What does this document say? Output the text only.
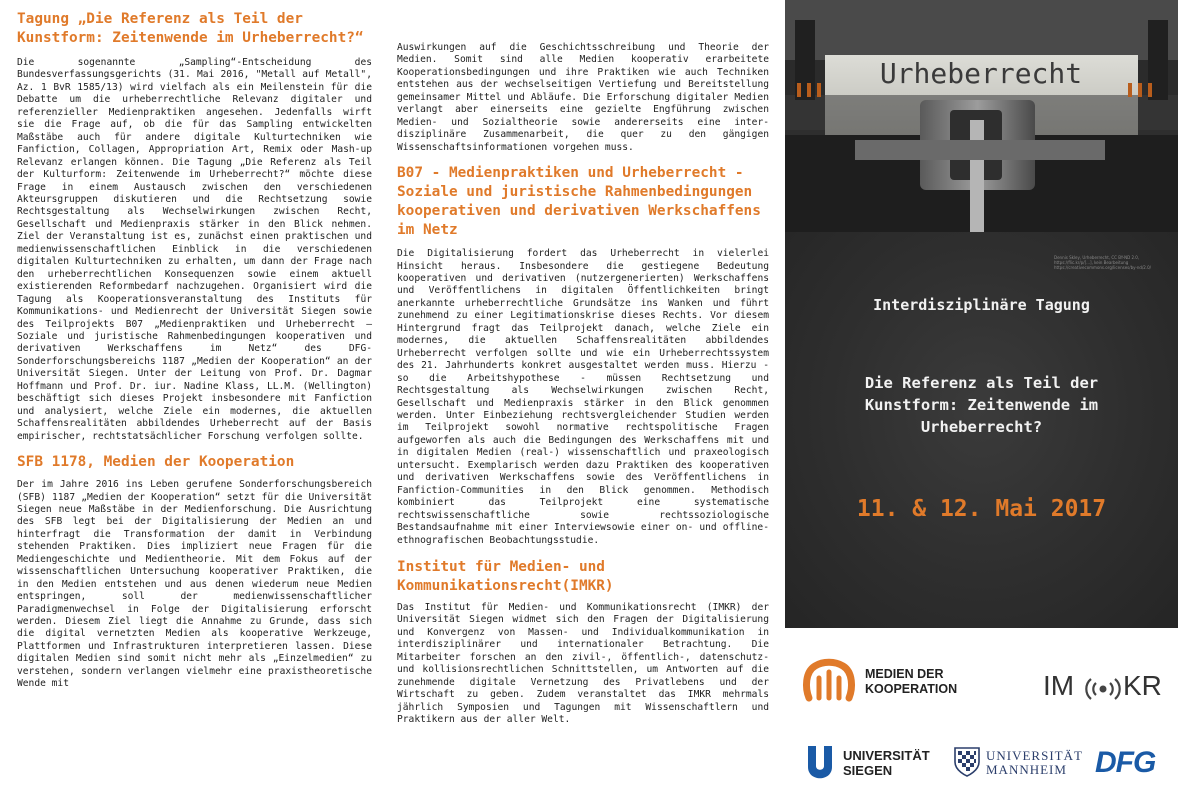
Tagung „Die Referenz als Teil der Kunstform: Zeitenwende im Urheberrecht?“

Die sogenannte „Sampling“-Entscheidung des Bundesverfassungsgerichts (31. Mai 2016, "Metall auf Metall", Az. 1 BvR 1585/13) wird vielfach als ein Meilenstein für die Debatte um die urheberrechtliche Relevanz digitaler und referenzieller Medienpraktiken angesehen. Jedenfalls wirft sie die Frage auf, ob die für das Sampling entwickelten Maßstäbe auch für andere digitale Kulturtechniken wie Fanfiction, Collagen, Appropriation Art, Remix oder Mash-up Relevanz erlangen können. Die Tagung „Die Referenz als Teil der Kulturform: Zeitenwende im Urheberrecht?“ möchte diese Frage in einem Austausch zwischen den verschiedenen Akteursgruppen diskutieren und die Rechtsetzung sowie Rechtsgestaltung als Wechselwirkungen zwischen Recht, Gesellschaft und Medienpraxis stärker in den Blick nehmen. Ziel der Veranstaltung ist es, zunächst einen praktischen und medienwissenschaftlichen Einblick in die verschiedenen digitalen Kulturtechniken zu erhalten, um dann der Frage nach den urheberrechtlichen Konsequenzen sowie einem aktuell existierenden Reformbedarf nachzugehen. Organisiert wird die Tagung als Kooperationsveranstaltung des Instituts für Kommunikations- und Medienrecht der Universität Siegen sowie des Teilprojekts B07 „Medienpraktiken und Urheberrecht – Soziale und juristische Rahmenbedingungen kooperativen und derivativen Werkschaffens im Netz“ des DFG-Sonderforschungsbereichs 1187 „Medien der Kooperation“ an der Universität Siegen. Unter der Leitung von Prof. Dr. Dagmar Hoffmann und Prof. Dr. iur. Nadine Klass, LL.M. (Wellington) beschäftigt sich dieses Projekt insbesondere mit Fanfiction und analysiert, welche Ziele ein modernes, die aktuellen Schaffensrealitäten abbildendes Urheberrecht auf der Basis empirischer, rechtstatsächlicher Forschung verfolgen sollte.

SFB 1178, Medien der Kooperation

Der im Jahre 2016 ins Leben gerufene Sonderforschungsbereich (SFB) 1187 „Medien der Kooperation“ setzt für die Universität Siegen neue Maßstäbe in der Medienforschung. Die Ausrichtung des SFB legt bei der Digitalisierung der Medien an und hinterfragt die Transformation der damit in Verbindung stehenden Praktiken. Dies impliziert neue Fragen für die Mediengeschichte und Medientheorie. Mit dem Fokus auf der wissenschaftlichen Untersuchung kooperativer Praktiken, die in den Medien entstehen und aus denen wiederum neue Medien entspringen, soll der medienwissenschaftlicher Paradigmenwechsel in Folge der Digitalisierung erforscht werden. Diesem Ziel liegt die Annahme zu Grunde, dass sich die digital vernetzten Medien als kooperative Werkzeuge, Plattformen und Infrastrukturen interpretieren lassen. Diese digitalen Medien sind somit nicht mehr als „Einzelmedien“ zu verstehen, sondern verlangen vielmehr eine praxistheoretische Wende mit

Auswirkungen auf die Geschichtsschreibung und Theorie der Medien. Somit sind alle Medien kooperativ erarbeitete Kooperationsbedingungen und ihre Praktiken wie auch Techniken entstehen aus der wechselseitigen Vertiefung und Bereitstellung gemeinsamer Mittel und Abläufe. Die Erforschung digitaler Medien verlangt aber einerseits eine gezielte Engführung zwischen Medien- und Sozialtheorie sowie andererseits eine inter- disziplinäre Zusammenarbeit, die quer zu den gängigen Wissenschaftsinformationen vorgehen muss.

B07 - Medienpraktiken und Urheberrecht - Soziale und juristische Rahmenbedingungen kooperativen und derivativen Werkschaffens im Netz

Die Digitalisierung fordert das Urheberrecht in vielerlei Hinsicht heraus. Insbesondere die gestiegene Bedeutung kooperativen und derivativen (nutzergenerierten) Werkschaffens und Veröffentlichens in digitalen Öffentlichkeiten bringt anerkannte urheberrechtliche Grundsätze ins Wanken und führt zunehmend zu einer Legitimationskrise dieses Rechts. Vor diesem Hintergrund fragt das Teilprojekt danach, welche Ziele ein modernes, die aktuellen Schaffensrealitäten abbildendes Urheberrecht verfolgen sollte und wie ein Urheberrechtssystem des 21. Jahrhunderts konkret ausgestaltet werden muss. Hierzu - so die Arbeitshypothese - müssen Rechtsetzung und Rechtsgestaltung als Wechselwirkungen zwischen Recht, Gesellschaft und Medienpraxis stärker in den Blick genommen werden. Unter Einbeziehung rechtsvergleichender Studien werden im Teilprojekt sowohl normative rechtspolitische Fragen aufgeworfen als auch die Bedingungen des Werkschaffens mit und in digitalen Medien (real-) wissenschaftlich und praxeologisch untersucht. Exemplarisch werden dazu Praktiken des kooperativen und derivativen Werkschaffens sowie des Veröffentlichens in Fanfiction-Communities in den Blick genommen. Methodisch kombiniert das Teilprojekt eine systematische rechtswissenschaftliche sowie rechtssoziologische Bestandsaufnahme mit einer Interviewsowie einer on- und offline-ethnografischen Beobachtungsstudie.

Institut für Medien- und Kommunikationsrecht(IMKR)

Das Institut für Medien- und Kommunikationsrecht (IMKR) der Universität Siegen widmet sich den Fragen der Digitalisierung und Konvergenz von Massen- und Individualkommunikation in interdisziplinärer und internationaler Betrachtung. Die Mitarbeiter forschen an den zivil-, öffentlich-, datenschutz- und kollisionsrechtlichen Schnittstellen, um Antworten auf die zunehmende digitale Vernetzung des Privatlebens und der Wirtschaft zu geben. Zudem veranstaltet das IMKR mehrmals jährlich Symposien und Tagungen mit Wissenschaftlern und Praktikern aus der aller Welt.

Urheberrecht
Dennis Skley, Urheberrecht, CC BY-ND 2.0, https://flic.kr/p/[...], kein Bearbeitung https://creativecommons.org/licenses/by-nd/2.0/
Interdisziplinäre Tagung
Die Referenz als Teil der Kunstform: Zeitenwende im Urheberrecht?
11. & 12. Mai 2017
MEDIEN DER
KOOPERATION	IM KR
UNIVERSITÄT
SIEGEN
UNIVERSITÄT
MANNHEIM DFG
